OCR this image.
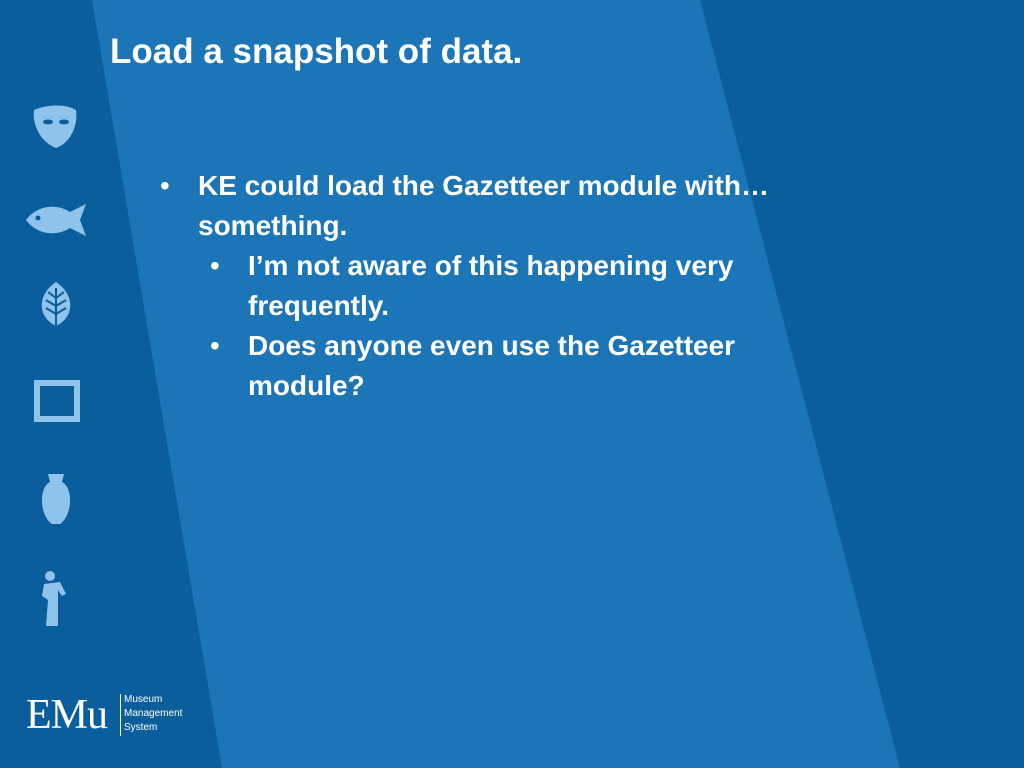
Load a snapshot of data.
• KE could load the Gazetteer module with…something.
• I’m not aware of this happening very frequently.
• Does anyone even use the Gazetteer module?
EMu Museum
Management
System
